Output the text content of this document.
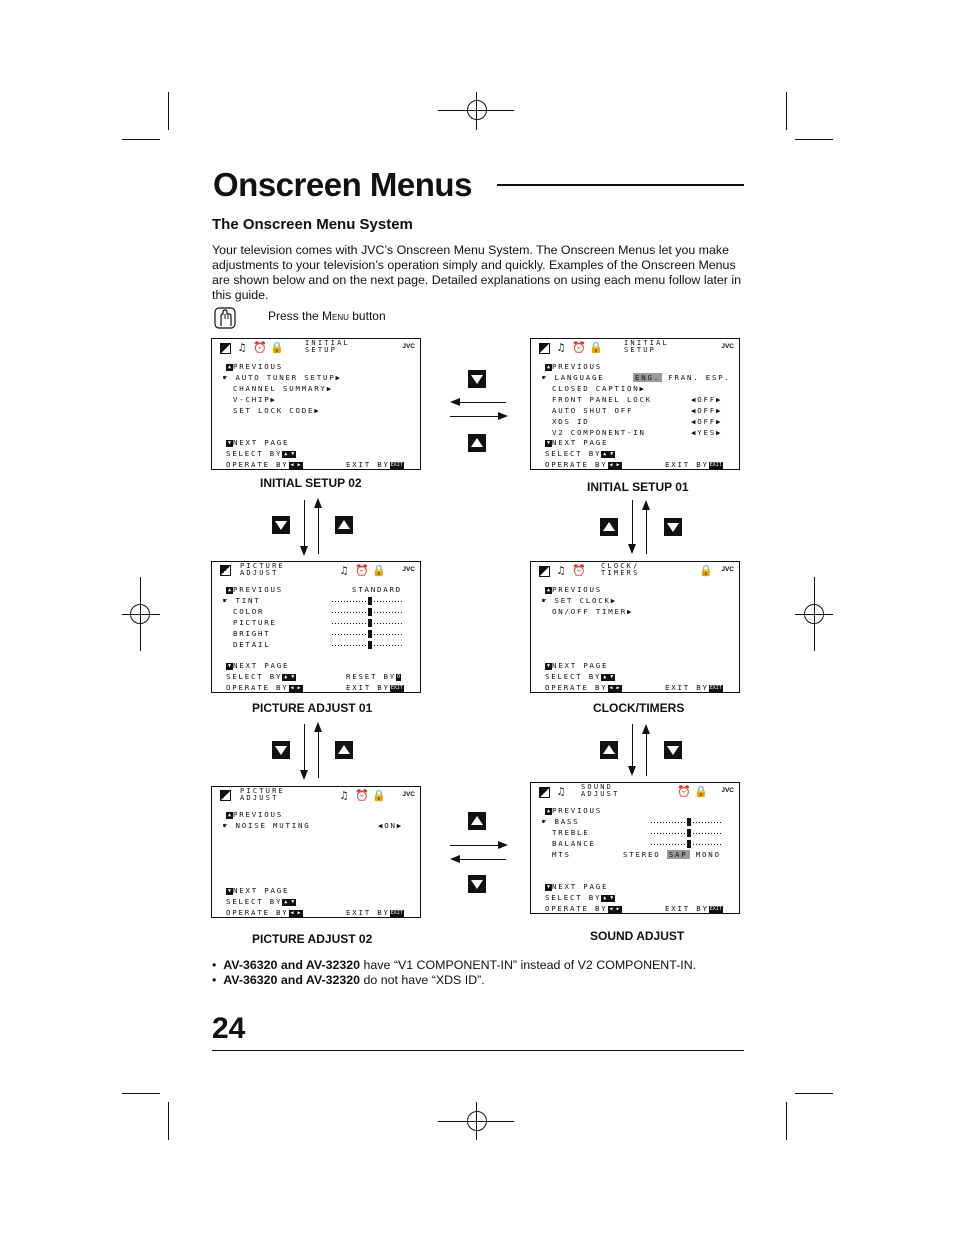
Onscreen Menus
The Onscreen Menu System
Your television comes with JVC’s Onscreen Menu System. The Onscreen Menus let you make adjustments to your television’s operation simply and quickly. Examples of the Onscreen Menus are shown below and on the next page. Detailed explanations on using each menu follow later in this guide.
Press the Menu button
♫ ⏰ 🔒	INITIAL
SETUP	JVC
▲ PREVIOUS
☛ AUTO TUNER SETUP▶
CHANNEL SUMMARY▶
V-CHIP▶
SET LOCK CODE▶
▼ NEXT PAGE
SELECT BY ▲ ▼
OPERATE BY ◀ ▶	EXIT BYEXIT
INITIAL SETUP 02
♫ ⏰ 🔒	INITIAL
SETUP	JVC
▲ PREVIOUS
☛ LANGUAGE	ENG. FRAN. ESP.
CLOSED CAPTION▶
FRONT PANEL LOCK	◀OFF▶
AUTO SHUT OFF	◀OFF▶
XDS ID	◀OFF▶
V2 COMPONENT-IN	◀YES▶
▼ NEXT PAGE
SELECT BY ▲ ▼
OPERATE BY ◀ ▶	EXIT BYEXIT
INITIAL SETUP 01
PICTURE
ADJUST	♫ ⏰ 🔒	JVC
▲ PREVIOUS	STANDARD
☛ TINT
COLOR
PICTURE
BRIGHT
DETAIL
▼ NEXT PAGE
SELECT BY ▲ ▼	RESET BY0
OPERATE BY ◀ ▶	EXIT BYEXIT
PICTURE ADJUST 01
♫ ⏰ CLOCK/
TIMERS	🔒 JVC
▲ PREVIOUS
☛ SET CLOCK▶
ON/OFF TIMER▶
▼ NEXT PAGE
SELECT BY ▲ ▼
OPERATE BY ◀ ▶	EXIT BYEXIT
CLOCK/TIMERS
PICTURE
ADJUST	♫ ⏰ 🔒	JVC
▲ PREVIOUS
☛ NOISE MUTING	◀ON▶
▼ NEXT PAGE
SELECT BY ▲ ▼
OPERATE BY ◀ ▶	EXIT BYEXIT
PICTURE ADJUST 02
♫	SOUND
ADJUST	⏰ 🔒 JVC
▲ PREVIOUS
☛ BASS
TREBLE
BALANCE
MTS	STEREO SAP MONO
▼ NEXT PAGE
SELECT BY ▲ ▼
OPERATE BY ◀ ▶	EXIT BYEXIT
SOUND ADJUST
•  AV-36320 and AV-32320 have “V1 COMPONENT-IN” instead of V2 COMPONENT-IN.
•  AV-36320 and AV-32320 do not have “XDS ID”.
24
